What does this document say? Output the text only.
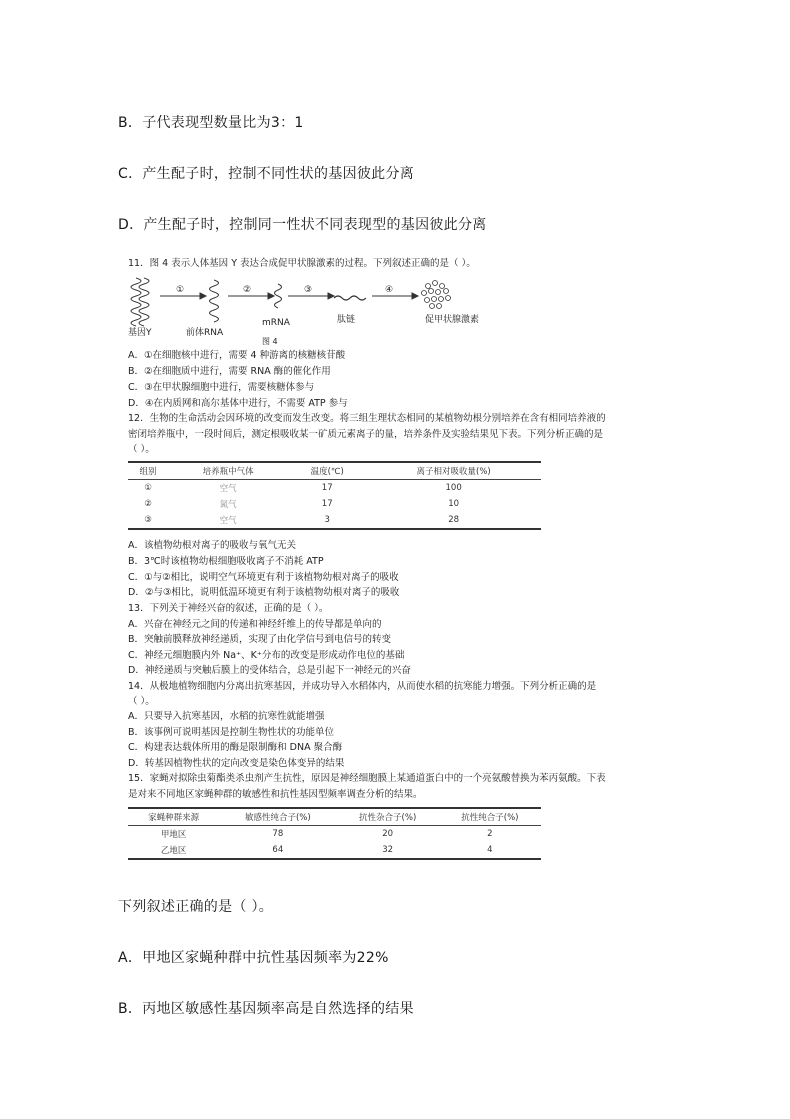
B．子代表现型数量比为3：1
C．产生配子时，控制不同性状的基因彼此分离
D．产生配子时，控制同一性状不同表现型的基因彼此分离
11．图 4 表示人体基因 Y 表达合成促甲状腺激素的过程。下列叙述正确的是（ ）。
①	②	③	④
基因Y	前体RNA
mRNA	肽链	促甲状腺激素
图 4
A．①在细胞核中进行，需要 4 种游离的核糖核苷酸
B．②在细胞质中进行，需要 RNA 酶的催化作用
C．③在甲状腺细胞中进行，需要核糖体参与
D．④在内质网和高尔基体中进行，不需要 ATP 参与
12．生物的生命活动会因环境的改变而发生改变。将三组生理状态相同的某植物幼根分别培养在含有相同培养液的
密闭培养瓶中，一段时间后，测定根吸收某一矿质元素离子的量，培养条件及实验结果见下表。下列分析正确的是
（ ）。
组别	培养瓶中气体	温度(℃)	离子相对吸收量(%)
①	空气	17	100
②	氮气	17	10
③	空气	3	28
A．该植物幼根对离子的吸收与氧气无关
B．3℃时该植物幼根细胞吸收离子不消耗 ATP
C．①与②相比，说明空气环境更有利于该植物幼根对离子的吸收
D．②与③相比，说明低温环境更有利于该植物幼根对离子的吸收
13．下列关于神经兴奋的叙述，正确的是（ ）。
A．兴奋在神经元之间的传递和神经纤维上的传导都是单向的
B．突触前膜释放神经递质，实现了由化学信号到电信号的转变
C．神经元细胞膜内外 Na⁺、K⁺分布的改变是形成动作电位的基础
D．神经递质与突触后膜上的受体结合，总是引起下一神经元的兴奋
14．从极地植物细胞内分离出抗寒基因，并成功导入水稻体内，从而使水稻的抗寒能力增强。下列分析正确的是
（ ）。
A．只要导入抗寒基因，水稻的抗寒性就能增强
B．该事例可说明基因是控制生物性状的功能单位
C．构建表达载体所用的酶是限制酶和 DNA 聚合酶
D．转基因植物性状的定向改变是染色体变异的结果
15．家蝇对拟除虫菊酯类杀虫剂产生抗性，原因是神经细胞膜上某通道蛋白中的一个亮氨酸替换为苯丙氨酸。下表
是对来不同地区家蝇种群的敏感性和抗性基因型频率调查分析的结果。
家蝇种群来源	敏感性纯合子(%)	抗性杂合子(%)	抗性纯合子(%)
甲地区	78	20	2
乙地区	64	32	4
下列叙述正确的是（ ）。
A．甲地区家蝇种群中抗性基因频率为22%
B．丙地区敏感性基因频率高是自然选择的结果
